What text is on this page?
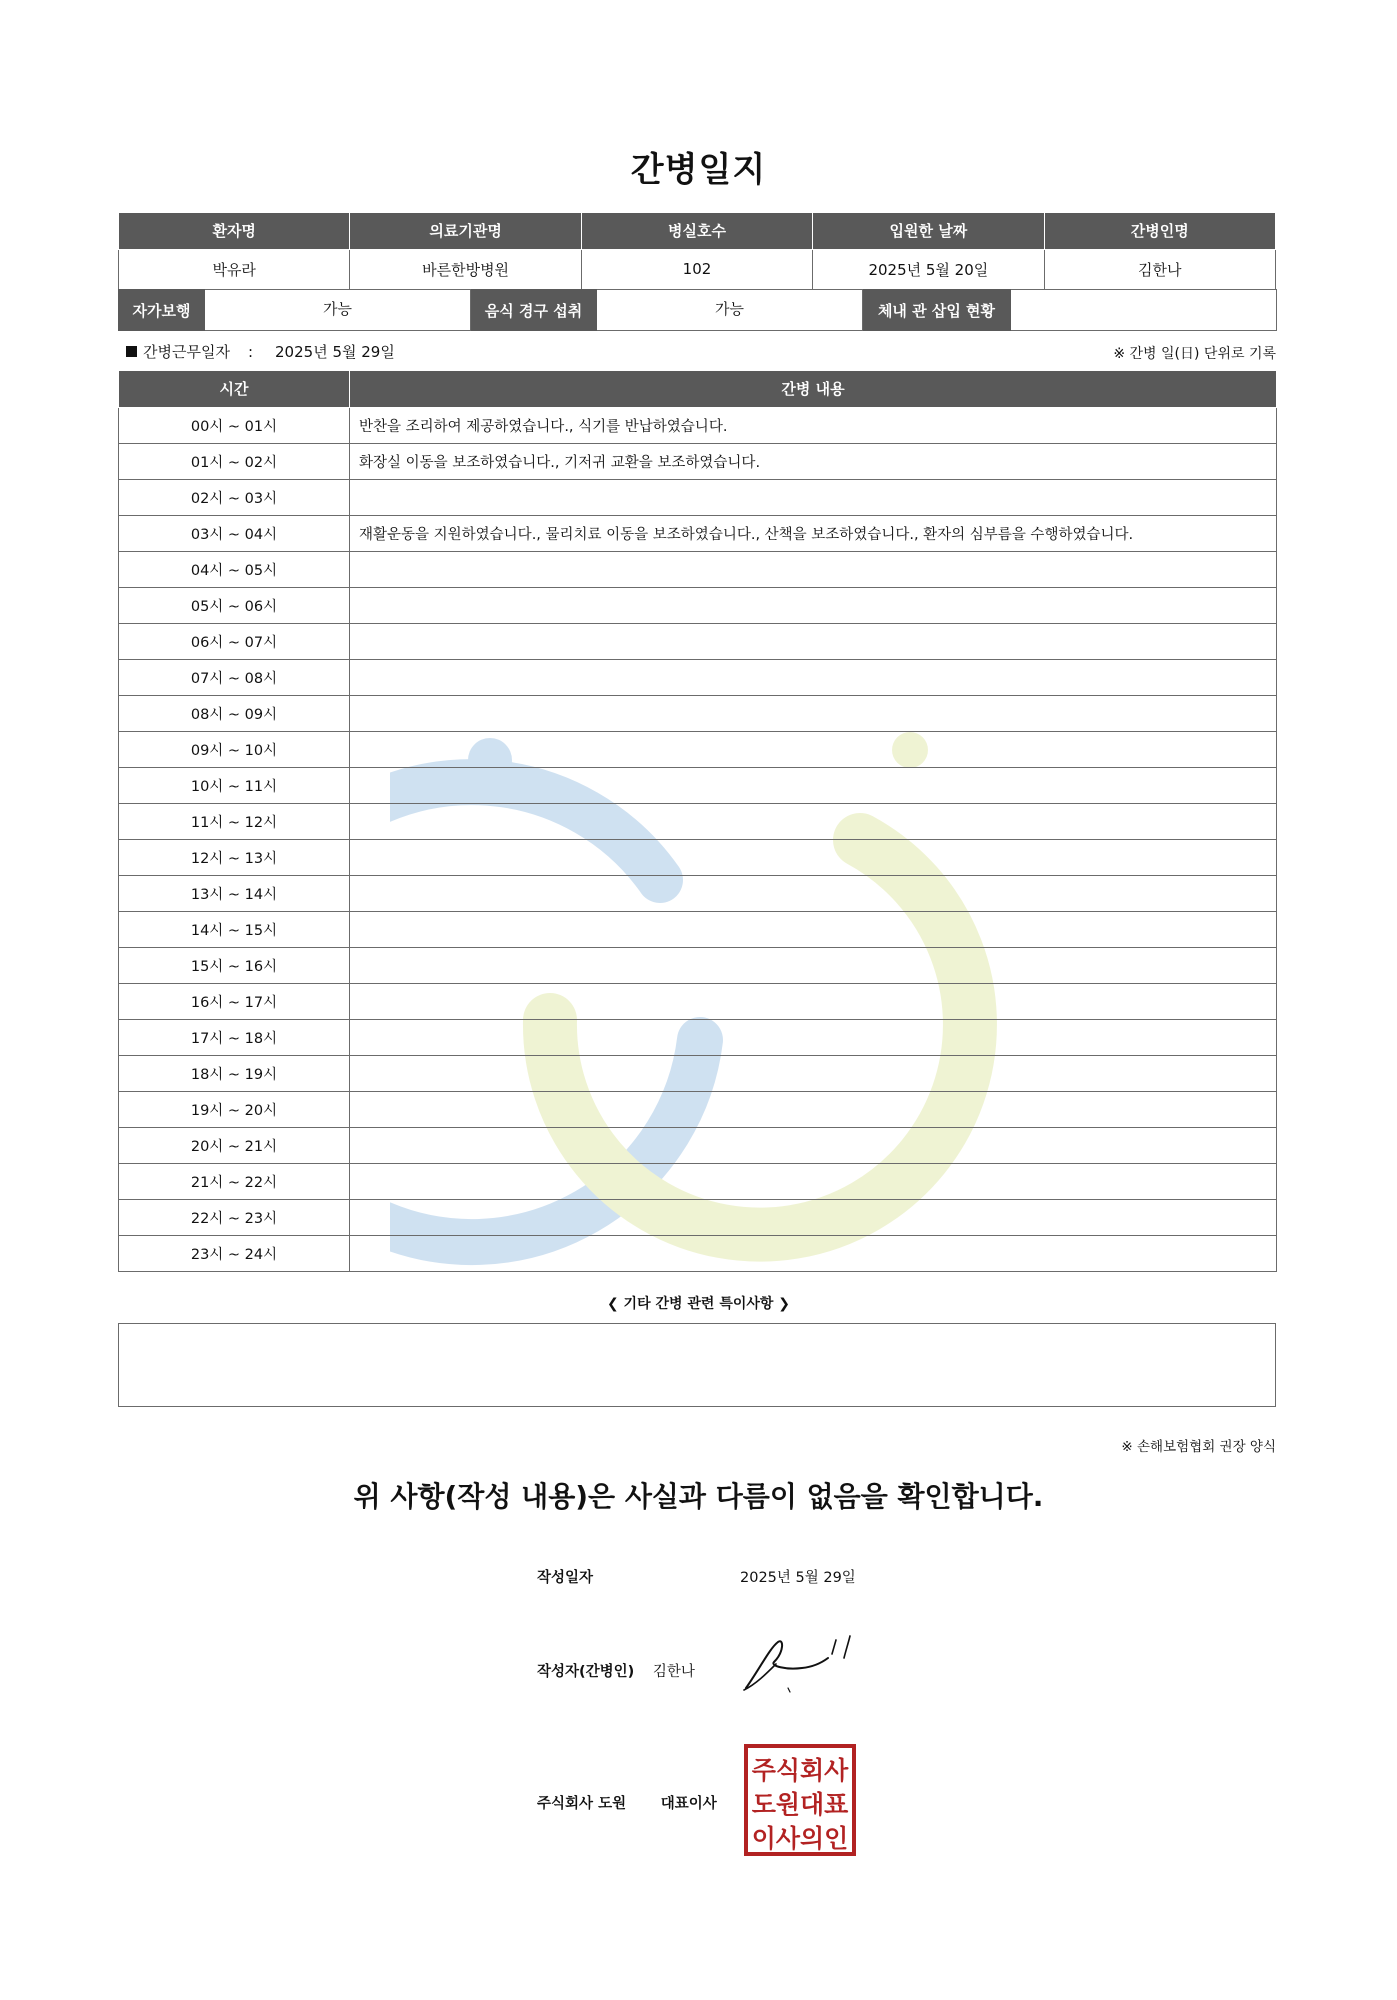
간병일지
환자명	의료기관명	병실호수	입원한 날짜	간병인명
박유라	바른한방병원	102	2025년 5월 20일	김한나
자가보행	가능	음식 경구 섭취	가능	체내 관 삽입 현황	
간병근무일자 : 2025년 5월 29일	※ 간병 일(日) 단위로 기록
시간	간병 내용
00시 ~ 01시	반찬을 조리하여 제공하였습니다., 식기를 반납하였습니다.
01시 ~ 02시	화장실 이동을 보조하였습니다., 기저귀 교환을 보조하였습니다.
02시 ~ 03시	
03시 ~ 04시	재활운동을 지원하였습니다., 물리치료 이동을 보조하였습니다., 산책을 보조하였습니다., 환자의 심부름을 수행하였습니다.
04시 ~ 05시	
05시 ~ 06시	
06시 ~ 07시	
07시 ~ 08시	
08시 ~ 09시	
09시 ~ 10시	
10시 ~ 11시	
11시 ~ 12시	
12시 ~ 13시	
13시 ~ 14시	
14시 ~ 15시	
15시 ~ 16시	
16시 ~ 17시	
17시 ~ 18시	
18시 ~ 19시	
19시 ~ 20시	
20시 ~ 21시	
21시 ~ 22시	
22시 ~ 23시	
23시 ~ 24시	
❮ 기타 간병 관련 특이사항 ❯
※ 손해보험협회 권장 양식
위 사항(작성 내용)은 사실과 다름이 없음을 확인합니다.
작성일자	2025년 5월 29일
작성자(간병인) 김한나
주식회사 도원 대표이사
주식회사
도원대표
이사의인
